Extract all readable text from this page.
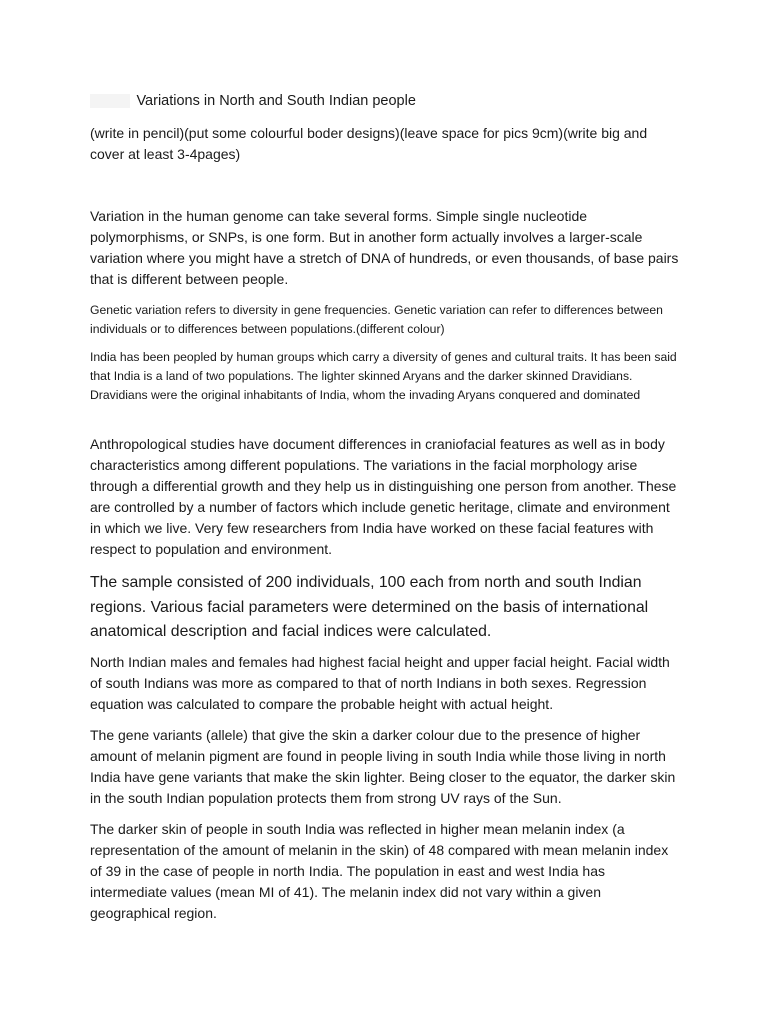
Variations in North and South Indian people

(write in pencil)(put some colourful boder designs)(leave space for pics 9cm)(write big and cover at least 3-4pages)

Variation in the human genome can take several forms. Simple single nucleotide polymorphisms, or SNPs, is one form. But in another form actually involves a larger-scale variation where you might have a stretch of DNA of hundreds, or even thousands, of base pairs that is different between people.

Genetic variation refers to diversity in gene frequencies. Genetic variation can refer to differences between individuals or to differences between populations.(different colour)

India has been peopled by human groups which carry a diversity of genes and cultural traits. It has been said that India is a land of two populations. The lighter skinned Aryans and the darker skinned Dravidians. Dravidians were the original inhabitants of India, whom the invading Aryans conquered and dominated

Anthropological studies have document differences in craniofacial features as well as in body characteristics among different populations. The variations in the facial morphology arise through a differential growth and they help us in distinguishing one person from another. These are controlled by a number of factors which include genetic heritage, climate and environment in which we live. Very few researchers from India have worked on these facial features with respect to population and environment.

The sample consisted of 200 individuals, 100 each from north and south Indian regions. Various facial parameters were determined on the basis of international anatomical description and facial indices were calculated.

North Indian males and females had highest facial height and upper facial height. Facial width of south Indians was more as compared to that of north Indians in both sexes. Regression equation was calculated to compare the probable height with actual height.

The gene variants (allele) that give the skin a darker colour due to the presence of higher amount of melanin pigment are found in people living in south India while those living in north India have gene variants that make the skin lighter. Being closer to the equator, the darker skin in the south Indian population protects them from strong UV rays of the Sun.

The darker skin of people in south India was reflected in higher mean melanin index (a representation of the amount of melanin in the skin) of 48 compared with mean melanin index of 39 in the case of people in north India. The population in east and west India has intermediate values (mean MI of 41). The melanin index did not vary within a given geographical region.
